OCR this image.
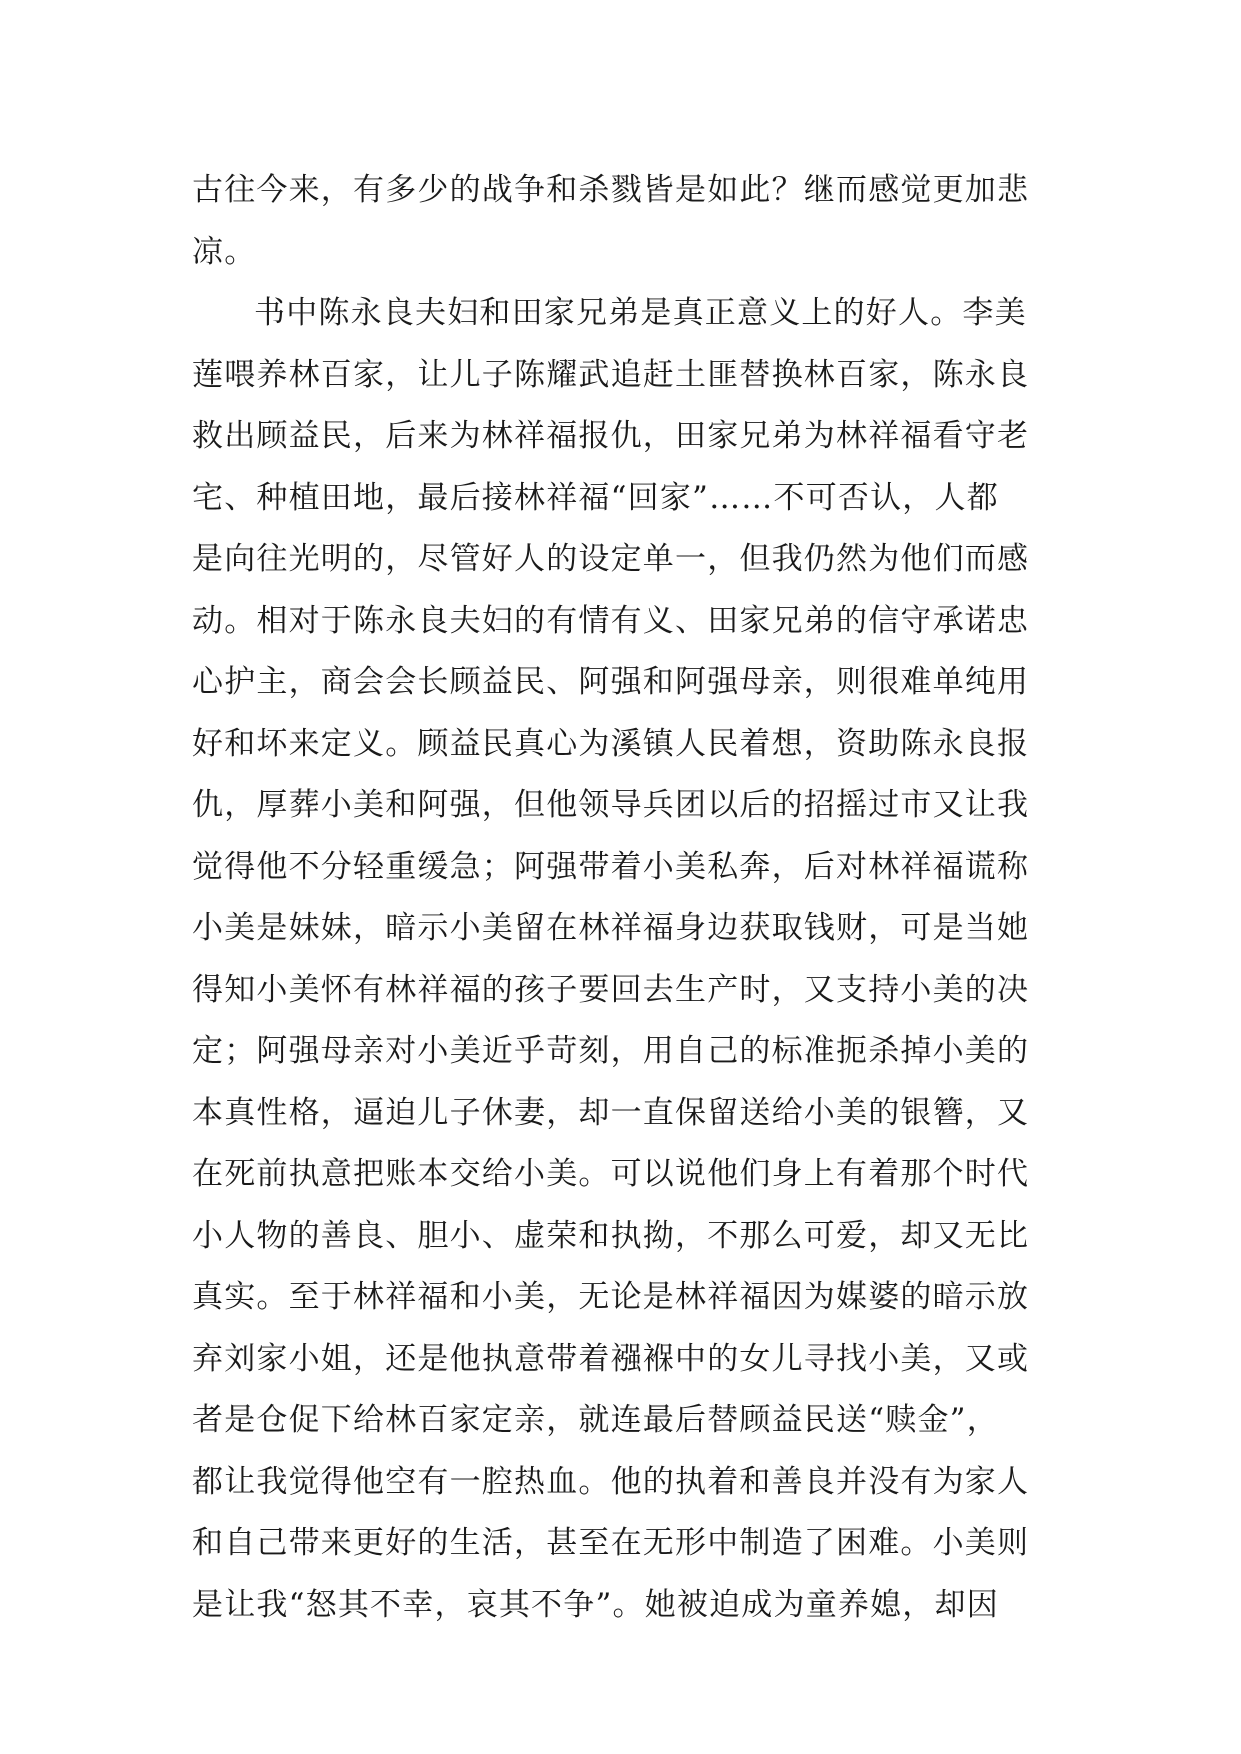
古往今来，有多少的战争和杀戮皆是如此？继而感觉更加悲
凉。
书中陈永良夫妇和田家兄弟是真正意义上的好人。李美
莲喂养林百家，让儿子陈耀武追赶土匪替换林百家，陈永良
救出顾益民，后来为林祥福报仇，田家兄弟为林祥福看守老
宅、种植田地，最后接林祥福“回家”……不可否认，人都
是向往光明的，尽管好人的设定单一，但我仍然为他们而感
动。相对于陈永良夫妇的有情有义、田家兄弟的信守承诺忠
心护主，商会会长顾益民、阿强和阿强母亲，则很难单纯用
好和坏来定义。顾益民真心为溪镇人民着想，资助陈永良报
仇，厚葬小美和阿强，但他领导兵团以后的招摇过市又让我
觉得他不分轻重缓急；阿强带着小美私奔，后对林祥福谎称
小美是妹妹，暗示小美留在林祥福身边获取钱财，可是当她
得知小美怀有林祥福的孩子要回去生产时，又支持小美的决
定；阿强母亲对小美近乎苛刻，用自己的标准扼杀掉小美的
本真性格，逼迫儿子休妻，却一直保留送给小美的银簪，又
在死前执意把账本交给小美。可以说他们身上有着那个时代
小人物的善良、胆小、虚荣和执拗，不那么可爱，却又无比
真实。至于林祥福和小美，无论是林祥福因为媒婆的暗示放
弃刘家小姐，还是他执意带着襁褓中的女儿寻找小美，又或
者是仓促下给林百家定亲，就连最后替顾益民送“赎金”，
都让我觉得他空有一腔热血。他的执着和善良并没有为家人
和自己带来更好的生活，甚至在无形中制造了困难。小美则
是让我“怒其不幸，哀其不争”。她被迫成为童养媳，却因
